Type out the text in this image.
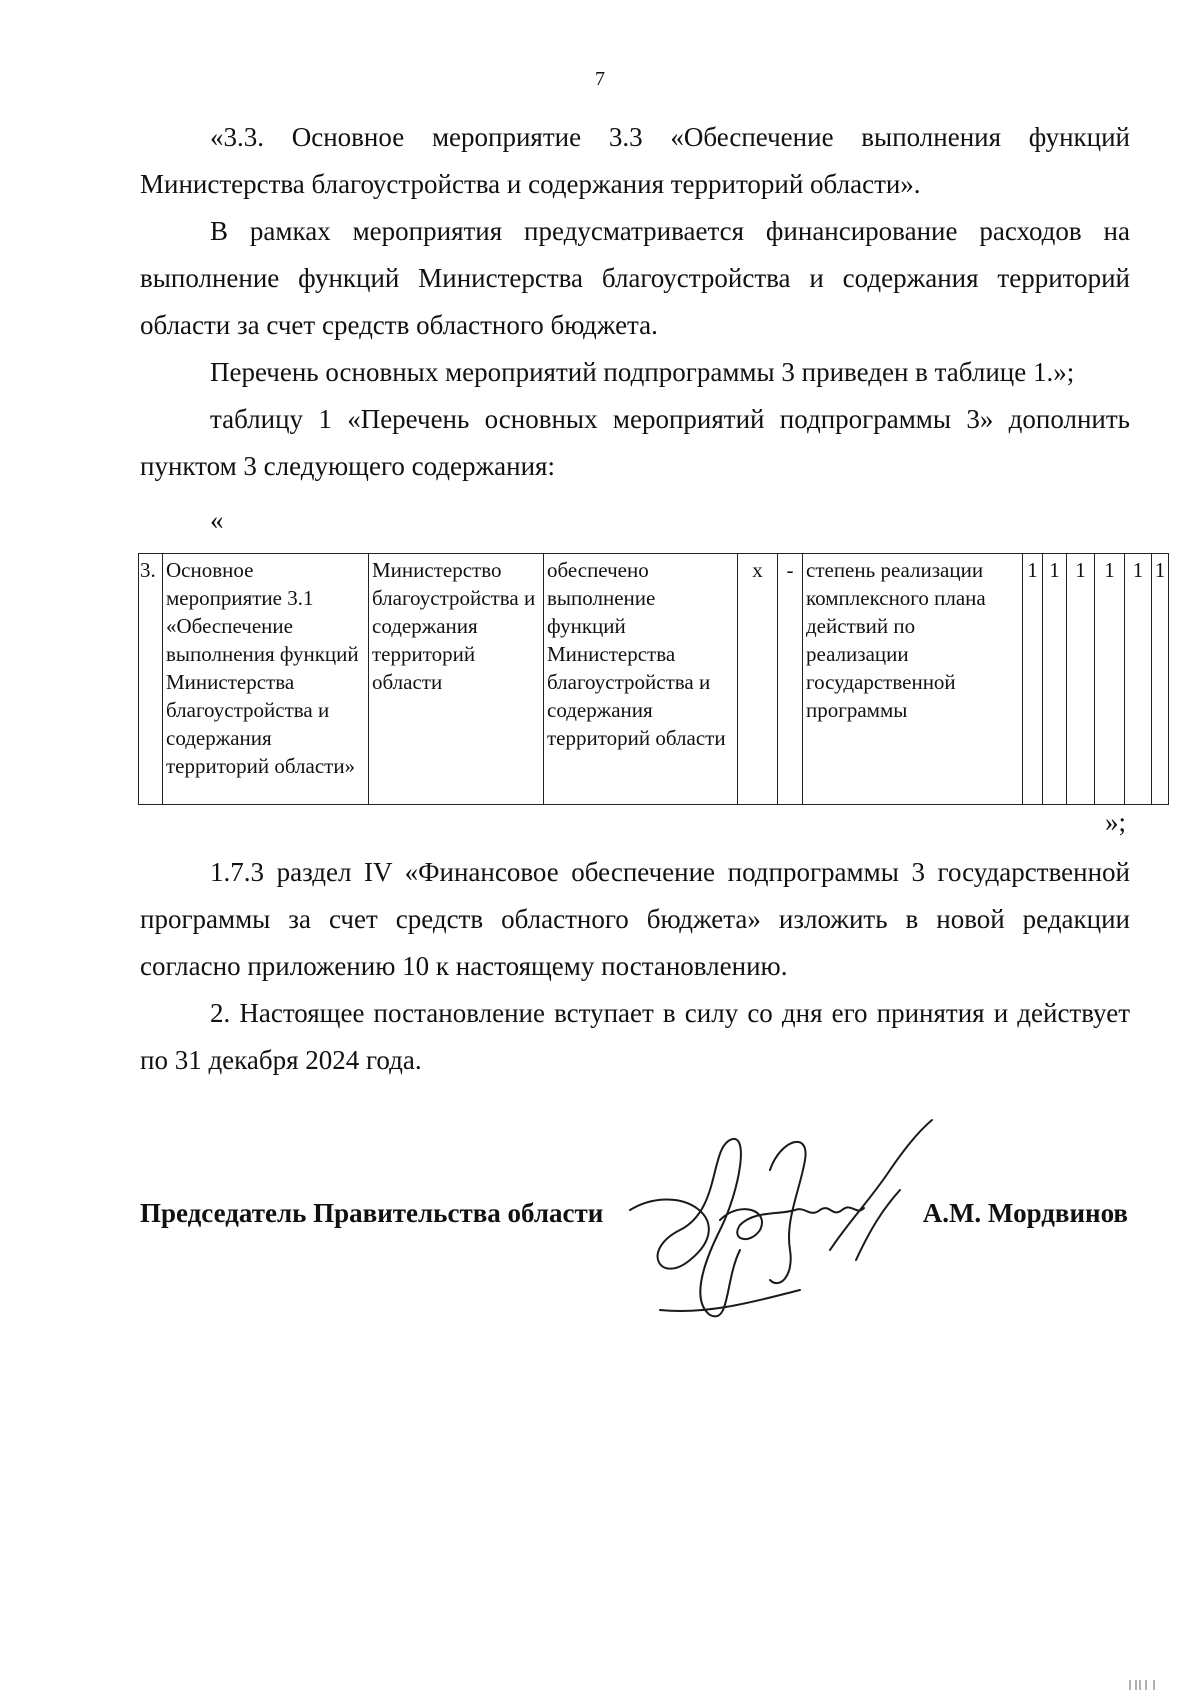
7

«3.3. Основное мероприятие 3.3 «Обеспечение выполнения функций Министерства благоустройства и содержания территорий области».

В рамках мероприятия предусматривается финансирование расходов на выполнение функций Министерства благоустройства и содержания территорий области за счет средств областного бюджета.

Перечень основных мероприятий подпрограммы 3 приведен в таблице 1.»;

таблицу 1 «Перечень основных мероприятий подпрограммы 3» дополнить пунктом 3 следующего содержания:

«
3.	Основное мероприятие 3.1 «Обеспечение выполнения функций Министерства благоустройства и содержания территорий области»	Министерство благоустройства и содержания территорий области	обеспечено выполнение функций Министерства благоустройства и содержания территорий области	х	-	степень реализации комплексного плана действий по реализации государственной программы	1	1	1	1	1	1
»;

1.7.3 раздел IV «Финансовое обеспечение подпрограммы 3 государственной программы за счет средств областного бюджета» изложить в новой редакции согласно приложению 10 к настоящему постановлению.

2. Настоящее постановление вступает в силу со дня его принятия и действует по 31 декабря 2024 года.

Председатель Правительства области	А.М. Мордвинов
